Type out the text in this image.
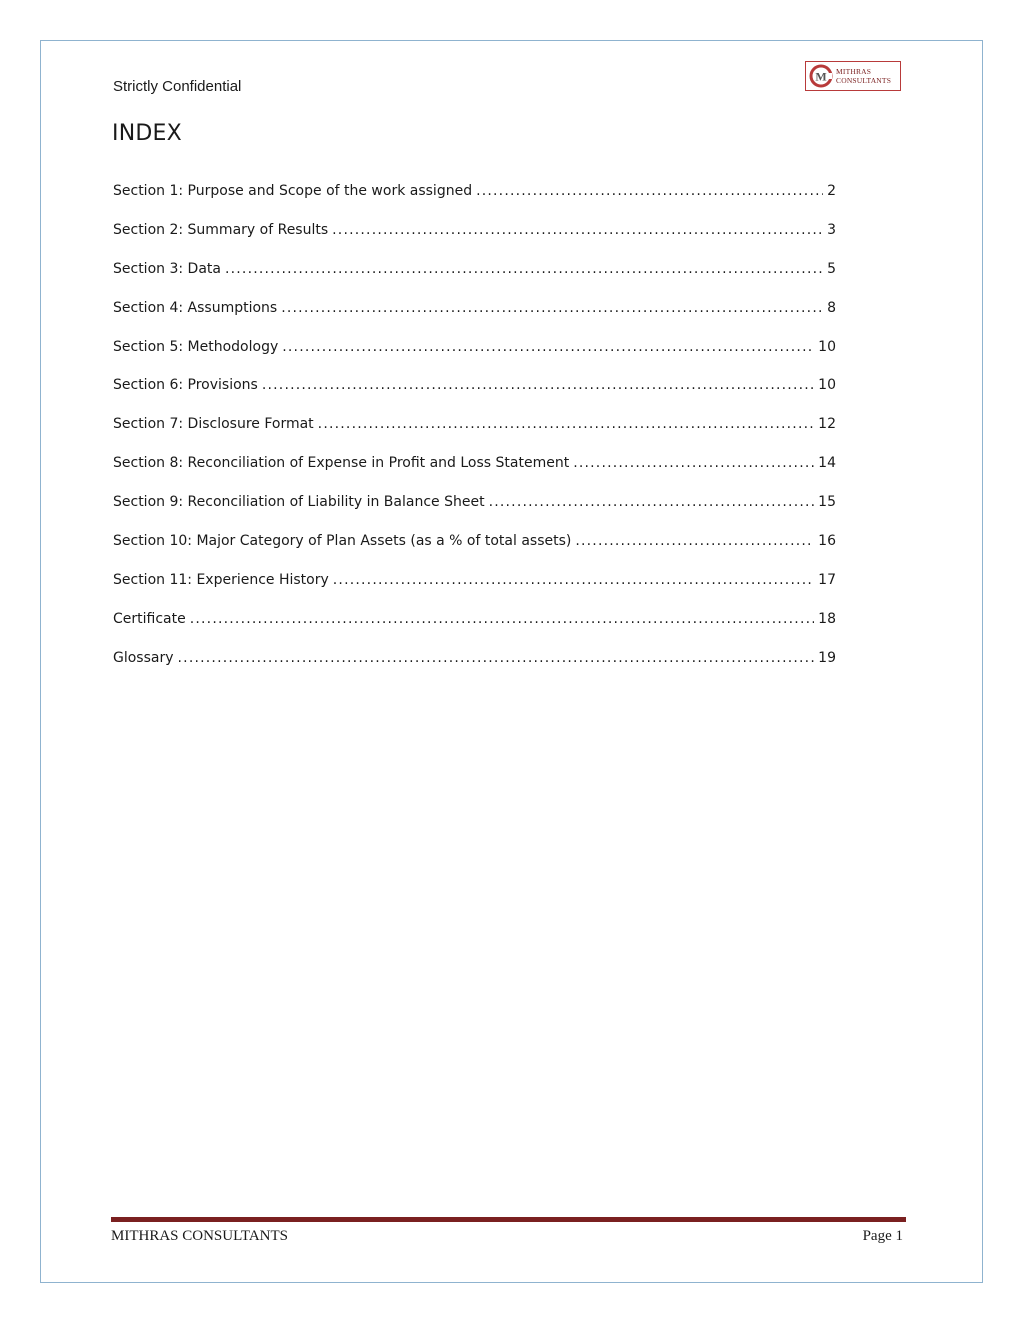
Strictly Confidential
M MITHRAS
CONSULTANTS
INDEX
Section 1: Purpose and Scope of the work assigned .....	2
Section 2: Summary of Results .....	3
Section 3: Data .....	5
Section 4: Assumptions .....	8
Section 5: Methodology .....	10
Section 6: Provisions .....	10
Section 7: Disclosure Format .....	12
Section 8: Reconciliation of Expense in Profit and Loss Statement .....	14
Section 9: Reconciliation of Liability in Balance Sheet .....	15
Section 10: Major Category of Plan Assets (as a % of total assets) .....	16
Section 11: Experience History .....	17
Certificate .....	18
Glossary .....	19
MITHRAS CONSULTANTS	Page 1
